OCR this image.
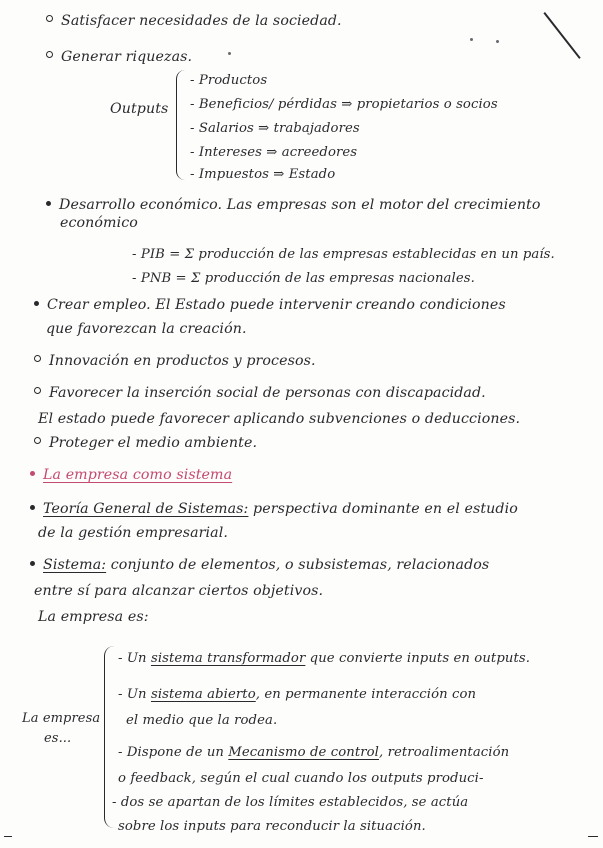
Satisfacer necesidades de la sociedad.
Generar riquezas.
Outputs
- Productos
- Beneficios/ pérdidas ⇒ propietarios o socios
- Salarios ⇒ trabajadores
- Intereses ⇒ acreedores
- Impuestos ⇒ Estado
Desarrollo económico. Las empresas son el motor del crecimiento
económico
- PIB = Σ producción de las empresas establecidas en un país.
- PNB = Σ producción de las empresas nacionales.
Crear empleo. El Estado puede intervenir creando condiciones
que favorezcan la creación.
Innovación en productos y procesos.
Favorecer la inserción social de personas con discapacidad.
El estado puede favorecer aplicando subvenciones o deducciones.
Proteger el medio ambiente.
La empresa como sistema
Teoría General de Sistemas: perspectiva dominante en el estudio
de la gestión empresarial.
Sistema: conjunto de elementos, o subsistemas, relacionados
entre sí para alcanzar ciertos objetivos.
La empresa es:
La empresa
es...
- Un sistema transformador que convierte inputs en outputs.
- Un sistema abierto, en permanente interacción con
el medio que la rodea.
- Dispone de un Mecanismo de control, retroalimentación
o feedback, según el cual cuando los outputs produci-
- dos se apartan de los límites establecidos, se actúa
sobre los inputs para reconducir la situación.
